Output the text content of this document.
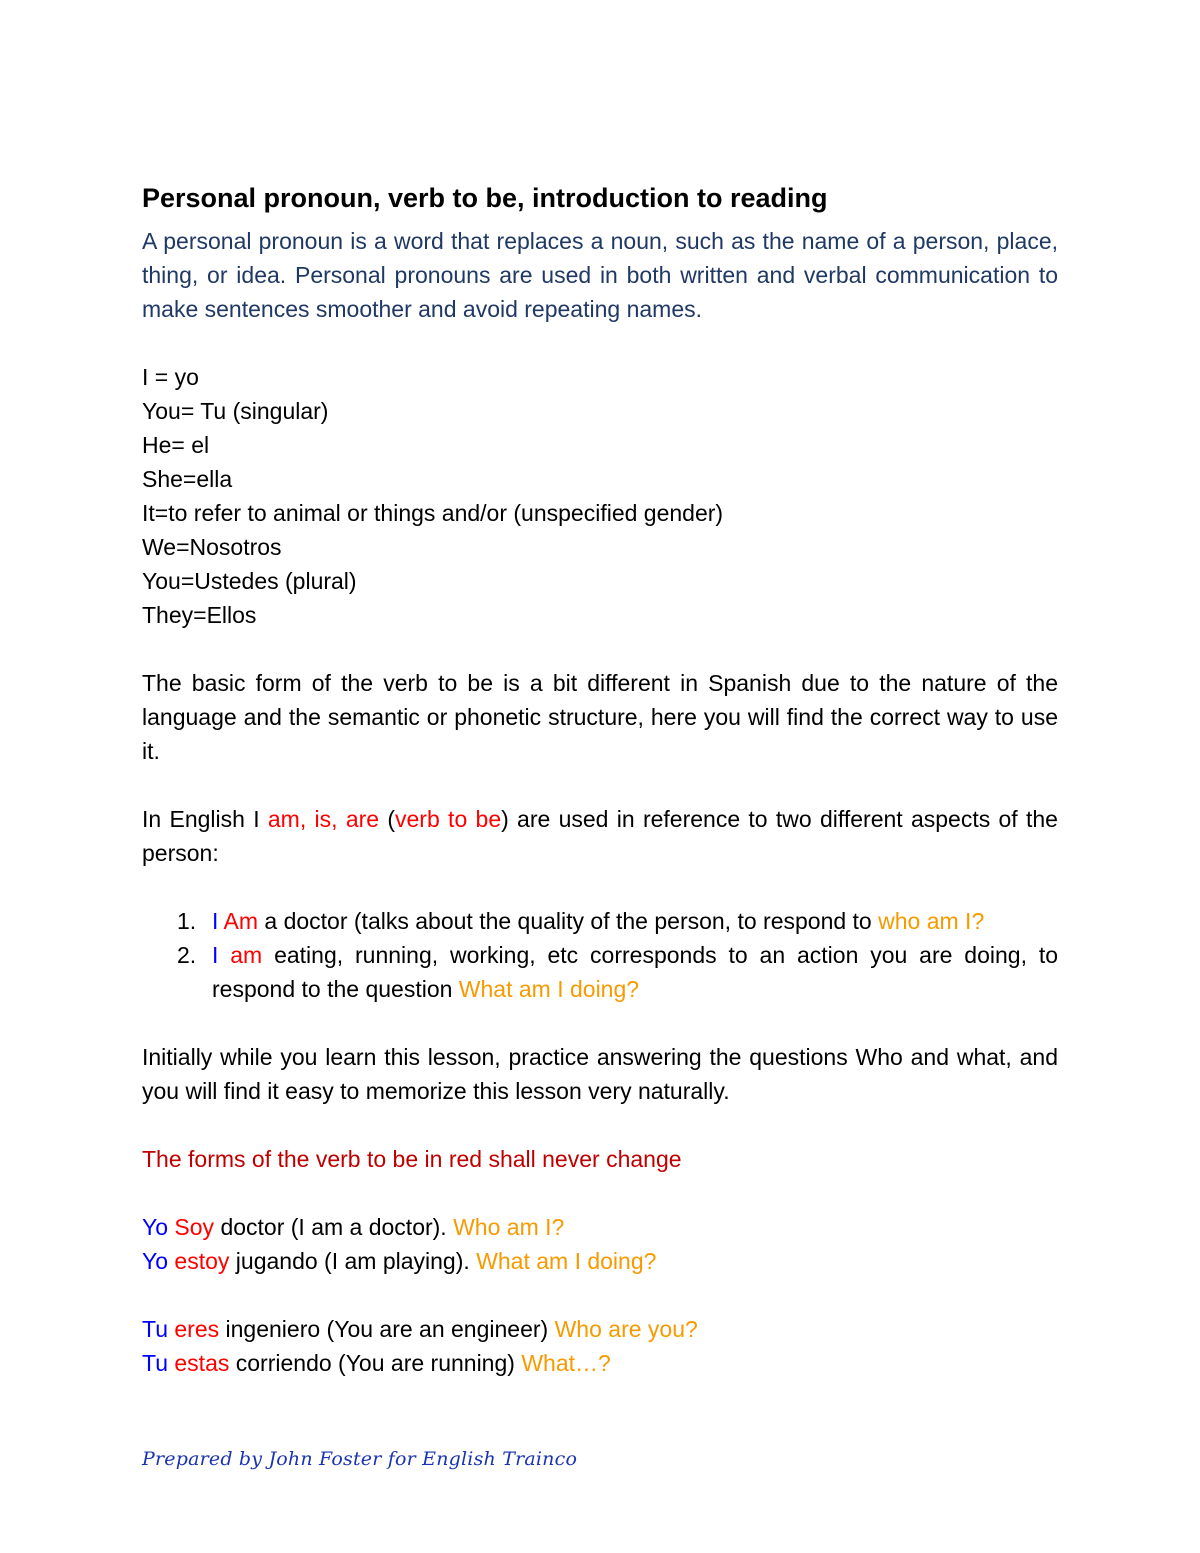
Personal pronoun, verb to be, introduction to reading

A personal pronoun is a word that replaces a noun, such as the name of a person, place, thing, or idea. Personal pronouns are used in both written and verbal communication to make sentences smoother and avoid repeating names.

I = yo
You= Tu (singular)
He= el
She=ella
It=to refer to animal or things and/or (unspecified gender)
We=Nosotros
You=Ustedes (plural)
They=Ellos

The basic form of the verb to be is a bit different in Spanish due to the nature of the language and the semantic or phonetic structure, here you will find the correct way to use it.

In English I am, is, are (verb to be) are used in reference to two different aspects of the person:

1. I Am a doctor (talks about the quality of the person, to respond to who am I?
2. I am eating, running, working, etc corresponds to an action you are doing, to respond to the question What am I doing?

Initially while you learn this lesson, practice answering the questions Who and what, and you will find it easy to memorize this lesson very naturally.

The forms of the verb to be in red shall never change

Yo Soy doctor (I am a doctor). Who am I?
Yo estoy jugando (I am playing). What am I doing?
Tu eres ingeniero (You are an engineer) Who are you?
Tu estas corriendo (You are running) What…?
Prepared by John Foster for English Trainco
